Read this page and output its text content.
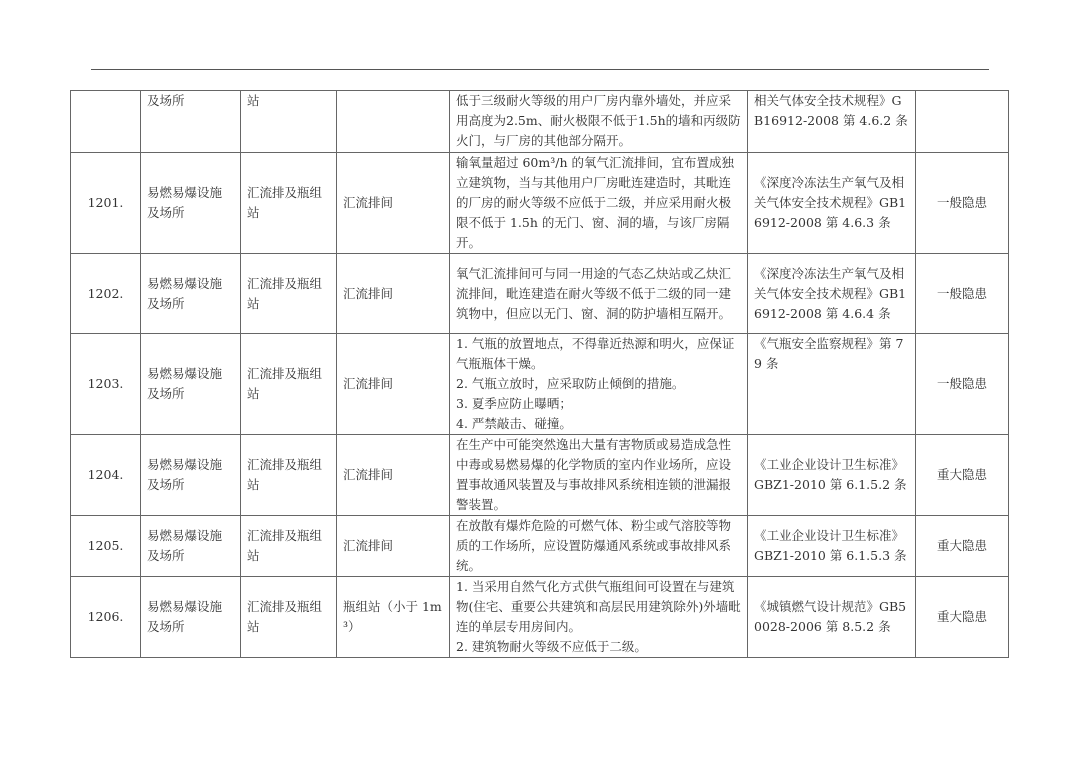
	及场所	站		低于三级耐火等级的用户厂房内靠外墙处，并应采用高度为2.5m、耐火极限不低于1.5h的墙和丙级防火门，与厂房的其他部分隔开。	相关气体安全技术规程》GB16912-2008 第 4.6.2 条	
1201.	易燃易爆设施及场所	汇流排及瓶组站	汇流排间	输氧量超过 60m³/h 的氧气汇流排间，宜布置成独立建筑物，当与其他用户厂房毗连建造时，其毗连的厂房的耐火等级不应低于二级，并应采用耐火极限不低于 1.5h 的无门、窗、洞的墙，与该厂房隔开。	《深度冷冻法生产氧气及相关气体安全技术规程》GB16912-2008 第 4.6.3 条	一般隐患
1202.	易燃易爆设施及场所	汇流排及瓶组站	汇流排间	氧气汇流排间可与同一用途的气态乙炔站或乙炔汇流排间，毗连建造在耐火等级不低于二级的同一建筑物中，但应以无门、窗、洞的防护墙相互隔开。	《深度冷冻法生产氧气及相关气体安全技术规程》GB16912-2008 第 4.6.4 条	一般隐患
1203.	易燃易爆设施及场所	汇流排及瓶组站	汇流排间	1. 气瓶的放置地点，不得靠近热源和明火，应保证气瓶瓶体干燥。
2. 气瓶立放时，应采取防止倾倒的措施。
3. 夏季应防止曝晒；
4. 严禁敲击、碰撞。	《气瓶安全监察规程》第 79 条	一般隐患
1204.	易燃易爆设施及场所	汇流排及瓶组站	汇流排间	在生产中可能突然逸出大量有害物质或易造成急性中毒或易燃易爆的化学物质的室内作业场所，应设置事故通风装置及与事故排风系统相连锁的泄漏报警装置。	《工业企业设计卫生标准》GBZ1-2010 第 6.1.5.2 条	重大隐患
1205.	易燃易爆设施及场所	汇流排及瓶组站	汇流排间	在放散有爆炸危险的可燃气体、粉尘或气溶胶等物质的工作场所，应设置防爆通风系统或事故排风系统。	《工业企业设计卫生标准》GBZ1-2010 第 6.1.5.3 条	重大隐患
1206.	易燃易爆设施及场所	汇流排及瓶组站	瓶组站（小于 1m³）	1. 当采用自然气化方式供气瓶组间可设置在与建筑物(住宅、重要公共建筑和高层民用建筑除外)外墙毗连的单层专用房间内。
2. 建筑物耐火等级不应低于二级。	《城镇燃气设计规范》GB50028-2006 第 8.5.2 条	重大隐患
